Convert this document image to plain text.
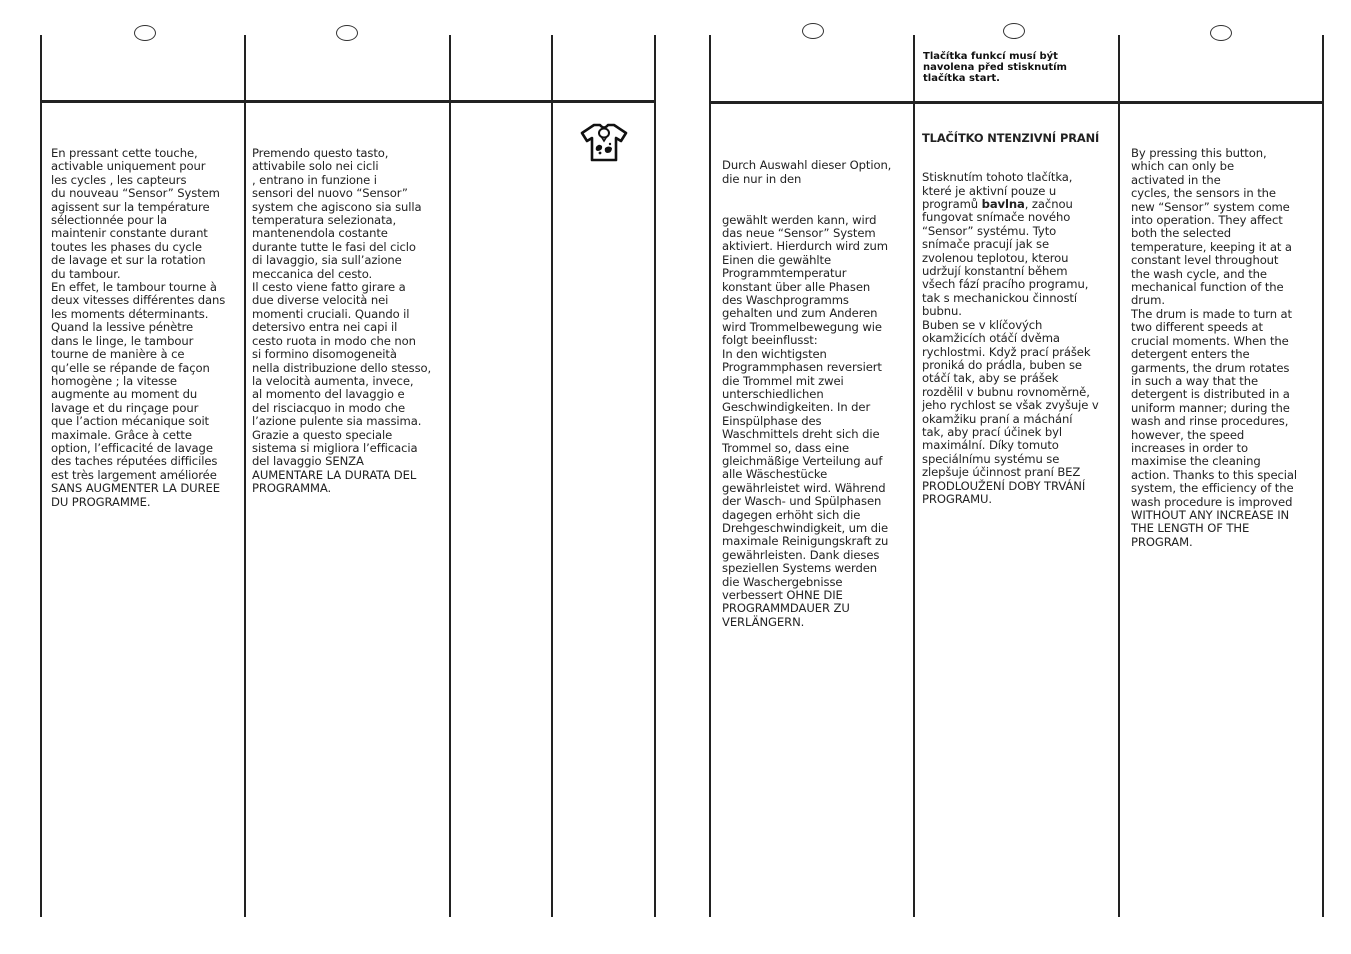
Tlačítka funkcí musí být
navolena před stisknutím
tlačítka start.
En pressant cette touche,
activable uniquement pour
les cycles , les capteurs
du nouveau “Sensor” System
agissent sur la température
sélectionnée pour la
maintenir constante durant
toutes les phases du cycle
de lavage et sur la rotation
du tambour.
En effet, le tambour tourne à
deux vitesses différentes dans
les moments déterminants.
Quand la lessive pénètre
dans le linge, le tambour
tourne de manière à ce
qu’elle se répande de façon
homogène ; la vitesse
augmente au moment du
lavage et du rinçage pour
que l’action mécanique soit
maximale. Grâce à cette
option, l’efficacité de lavage
des taches réputées difficiles
est très largement améliorée
SANS AUGMENTER LA DUREE
DU PROGRAMME.
Premendo questo tasto,
attivabile solo nei cicli
, entrano in funzione i
sensori del nuovo “Sensor”
system che agiscono sia sulla
temperatura selezionata,
mantenendola costante
durante tutte le fasi del ciclo
di lavaggio, sia sull’azione
meccanica del cesto.
Il cesto viene fatto girare a
due diverse velocità nei
momenti cruciali. Quando il
detersivo entra nei capi il
cesto ruota in modo che non
si formino disomogeneità
nella distribuzione dello stesso,
la velocità aumenta, invece,
al momento del lavaggio e
del risciacquo in modo che
l’azione pulente sia massima.
Grazie a questo speciale
sistema si migliora l’efficacia
del lavaggio SENZA
AUMENTARE LA DURATA DEL
PROGRAMMA.

Durch Auswahl dieser Option,
die nur in den

gewählt werden kann, wird
das neue “Sensor” System
aktiviert. Hierdurch wird zum
Einen die gewählte
Programmtemperatur
konstant über alle Phasen
des Waschprogramms
gehalten und zum Anderen
wird Trommelbewegung wie
folgt beeinflusst:
In den wichtigsten
Programmphasen reversiert
die Trommel mit zwei
unterschiedlichen
Geschwindigkeiten. In der
Einspülphase des
Waschmittels dreht sich die
Trommel so, dass eine
gleichmäßige Verteilung auf
alle Wäschestücke
gewährleistet wird. Während
der Wasch- und Spülphasen
dagegen erhöht sich die
Drehgeschwindigkeit, um die
maximale Reinigungskraft zu
gewährleisten. Dank dieses
speziellen Systems werden
die Waschergebnisse
verbessert OHNE DIE
PROGRAMMDAUER ZU
VERLÄNGERN.

TLAČÍTKO NTENZIVNÍ PRANÍ

Stisknutím tohoto tlačítka,
které je aktivní pouze u
programů bavlna, začnou
fungovat snímače nového
“Sensor” systému. Tyto
snímače pracují jak se
zvolenou teplotou, kterou
udržují konstantní během
všech fází pracího programu,
tak s mechanickou činností
bubnu.
Buben se v klíčových
okamžicích otáčí dvěma
rychlostmi. Když prací prášek
proniká do prádla, buben se
otáčí tak, aby se prášek
rozdělil v bubnu rovnoměrně,
jeho rychlost se však zvyšuje v
okamžiku praní a máchání
tak, aby prací účinek byl
maximální. Díky tomuto
speciálnímu systému se
zlepšuje účinnost praní BEZ
PRODLOUŽENÍ DOBY TRVÁNÍ
PROGRAMU.

By pressing this button,
which can only be
activated in the
cycles, the sensors in the
new “Sensor” system come
into operation. They affect
both the selected
temperature, keeping it at a
constant level throughout
the wash cycle, and the
mechanical function of the
drum.
The drum is made to turn at
two different speeds at
crucial moments. When the
detergent enters the
garments, the drum rotates
in such a way that the
detergent is distributed in a
uniform manner; during the
wash and rinse procedures,
however, the speed
increases in order to
maximise the cleaning
action. Thanks to this special
system, the efficiency of the
wash procedure is improved
WITHOUT ANY INCREASE IN
THE LENGTH OF THE
PROGRAM.
